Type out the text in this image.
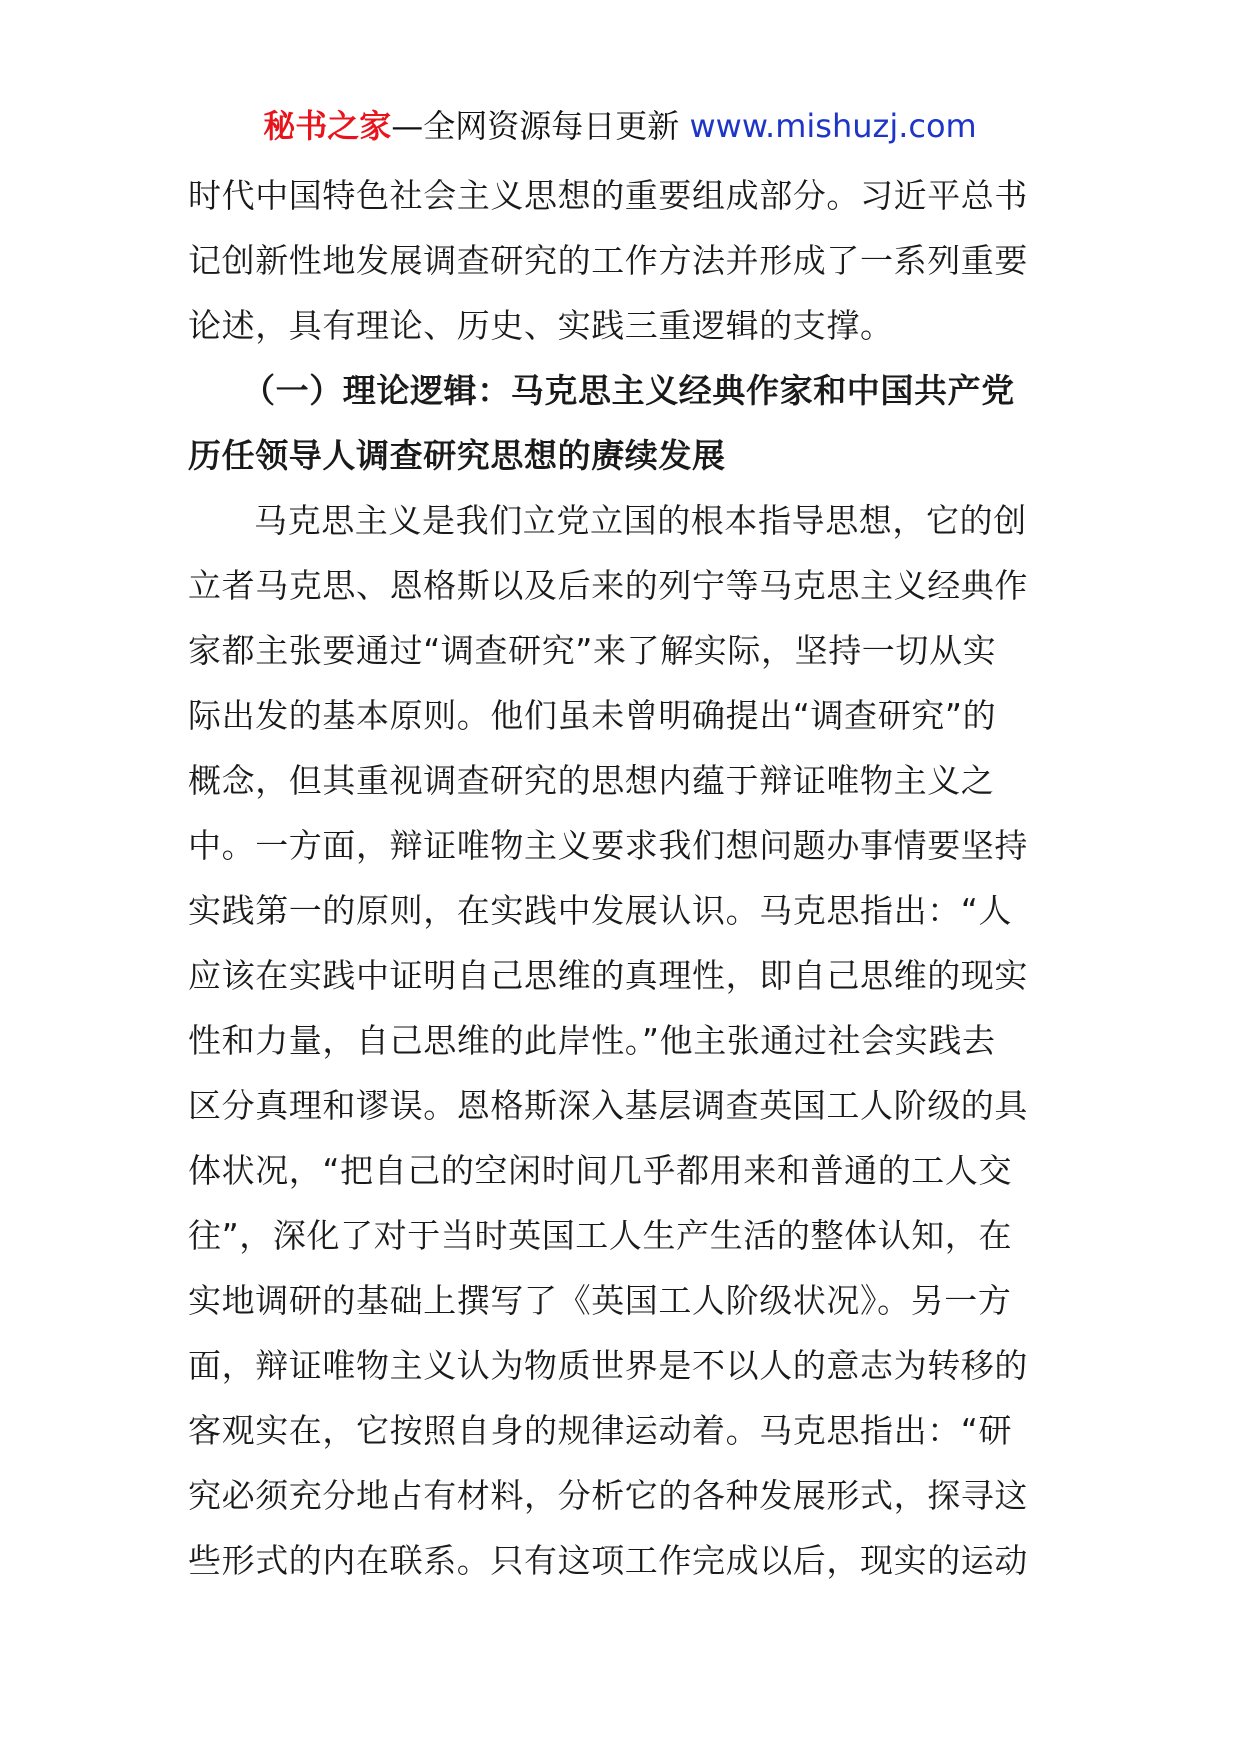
秘书之家—全网资源每日更新 www.mishuzj.com
时代中国特色社会主义思想的重要组成部分。习近平总书
记创新性地发展调查研究的工作方法并形成了一系列重要
论述，具有理论、历史、实践三重逻辑的支撑。
（一）理论逻辑：马克思主义经典作家和中国共产党
历任领导人调查研究思想的赓续发展
马克思主义是我们立党立国的根本指导思想，它的创
立者马克思、恩格斯以及后来的列宁等马克思主义经典作
家都主张要通过“调查研究”来了解实际，坚持一切从实
际出发的基本原则。他们虽未曾明确提出“调查研究”的
概念，但其重视调查研究的思想内蕴于辩证唯物主义之
中。一方面，辩证唯物主义要求我们想问题办事情要坚持
实践第一的原则，在实践中发展认识。马克思指出：“人
应该在实践中证明自己思维的真理性，即自己思维的现实
性和力量，自己思维的此岸性。”他主张通过社会实践去
区分真理和谬误。恩格斯深入基层调查英国工人阶级的具
体状况，“把自己的空闲时间几乎都用来和普通的工人交
往”，深化了对于当时英国工人生产生活的整体认知，在
实地调研的基础上撰写了《英国工人阶级状况》。另一方
面，辩证唯物主义认为物质世界是不以人的意志为转移的
客观实在，它按照自身的规律运动着。马克思指出：“研
究必须充分地占有材料，分析它的各种发展形式，探寻这
些形式的内在联系。只有这项工作完成以后，现实的运动
